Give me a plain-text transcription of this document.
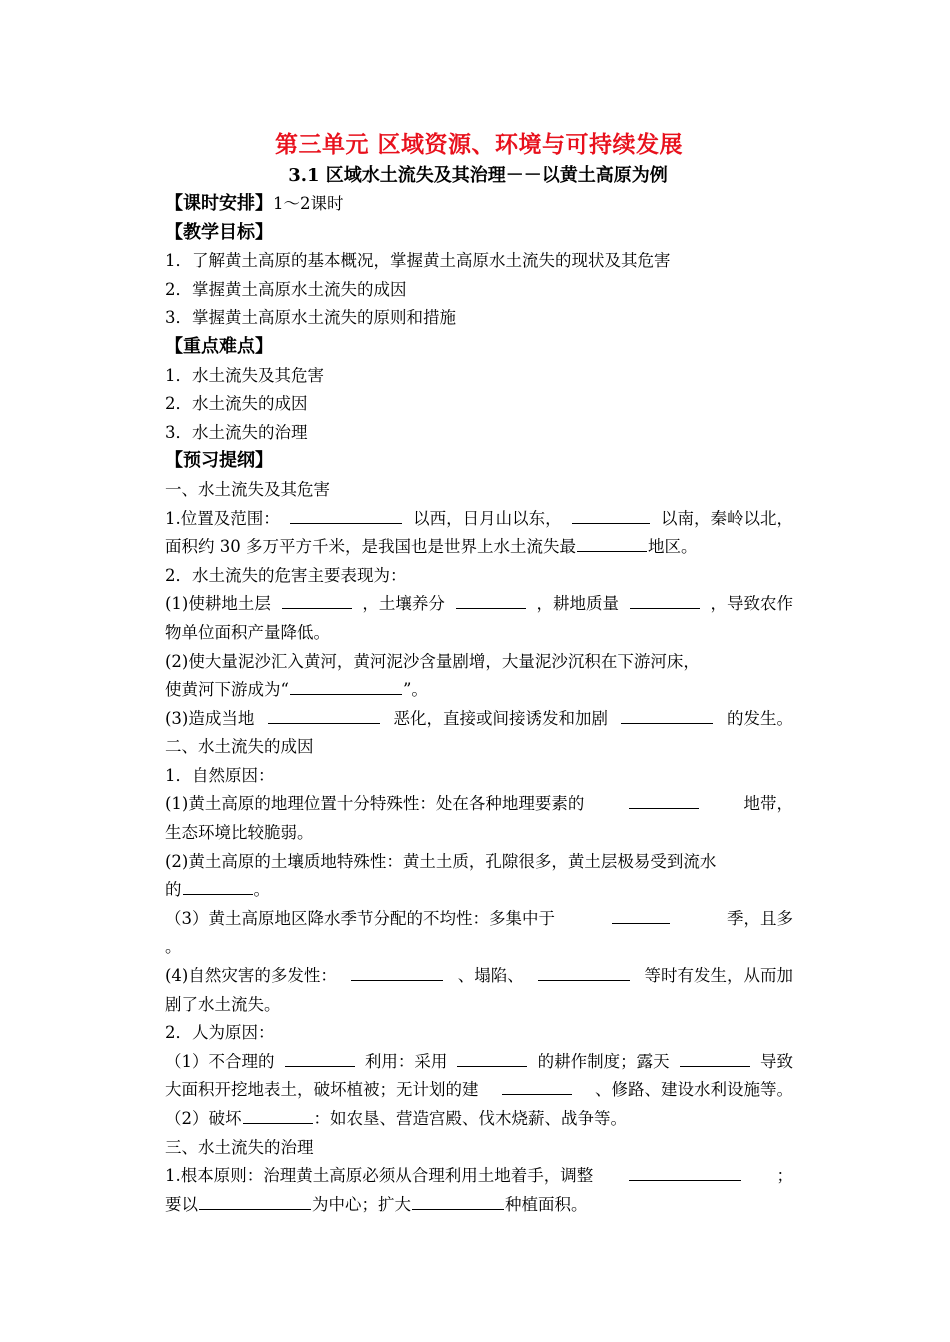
第三单元 区域资源、环境与可持续发展
3.1 区域水土流失及其治理－－以黄土高原为例
【课时安排】1～2课时
【教学目标】
1．了解黄土高原的基本概况，掌握黄土高原水土流失的现状及其危害
2．掌握黄土高原水土流失的成因
3．掌握黄土高原水土流失的原则和措施
【重点难点】
1．水土流失及其危害
2．水土流失的成因
3．水土流失的治理
【预习提纲】
一、水土流失及其危害
1.位置及范围：	以西，日月山以东，	以南，秦岭以北，
面积约 30 多万平方千米，是我国也是世界上水土流失最	地区。
2．水土流失的危害主要表现为：
(1)使耕地土层	，土壤养分	，耕地质量	，导致农作
物单位面积产量降低。
(2)使大量泥沙汇入黄河，黄河泥沙含量剧增，大量泥沙沉积在下游河床，
使黄河下游成为“	”。
(3)造成当地	恶化，直接或间接诱发和加剧	的发生。
二、水土流失的成因
1．自然原因：
(1)黄土高原的地理位置十分特殊性：处在各种地理要素的	地带，
生态环境比较脆弱。
(2)黄土高原的土壤质地特殊性：黄土土质，孔隙很多，黄土层极易受到流水
的	。
（3）黄土高原地区降水季节分配的不均性：多集中于	季，且多
。
(4)自然灾害的多发性：	、塌陷、	等时有发生，从而加
剧了水土流失。
2．人为原因：
（1）不合理的	利用：采用	的耕作制度；露天	导致
大面积开挖地表土，破坏植被；无计划的建	、修路、建设水利设施等。
（2）破坏	：如农垦、营造宫殿、伐木烧薪、战争等。
三、水土流失的治理
1.根本原则：治理黄土高原必须从合理利用土地着手，调整	；
要以	为中心；扩大	种植面积。
